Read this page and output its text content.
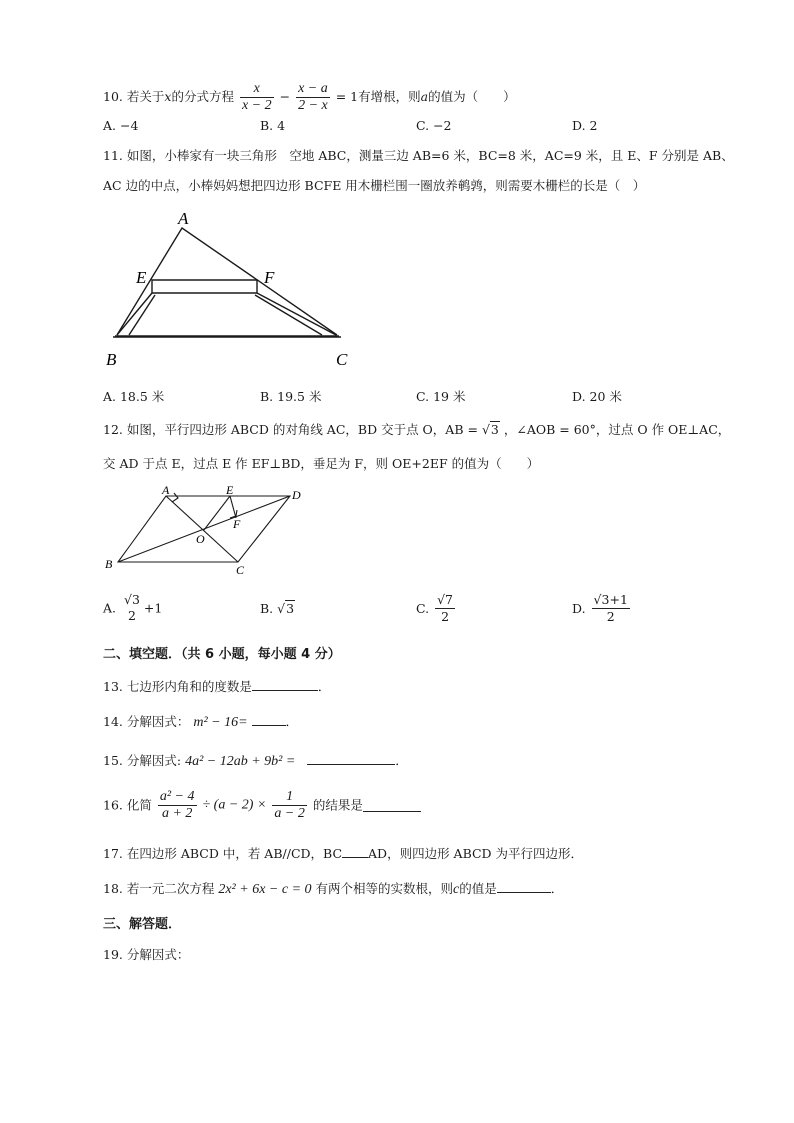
10. 若关于x的分式方程 $\frac{x}{x - 2} - \frac{x - a}{2 - x} = 1$有增根，则a的值为（　　）
A. −4	B. 4	C. −2	D. 2
11. 如图，小棒家有一块三角形　空地 ABC，测量三边 AB=6 米，BC=8 米，AC=9 米，且 E、F 分别是 AB、
AC 边的中点，小棒妈妈想把四边形 BCFE 用木栅栏围一圈放养鹌鹑，则需要木栅栏的长是（　）
A
E	F
B	C
A. 18.5 米	B. 19.5 米	C. 19 米	D. 20 米
12. 如图，平行四边形 ABCD 的对角线 AC，BD 交于点 O，AB = √3 ，∠AOB = 60°，过点 O 作 OE⊥AC，
交 AD 于点 E，过点 E 作 EF⊥BD，垂足为 F，则 OE+2EF 的值为（　　）
A	E	D
F
O
B	C
A.
√3
2 +1	B. √3	C. $\frac{√7}{2}$	D. $\frac{√3+1}{2}$
二、填空题．（共 6 小题，每小题 4 分）
13. 七边形内角和的度数是	．
14. 分解因式： m² − 16=	．
15. 分解因式: 4a² − 12ab + 9b² =	．
16. 化简 $\frac{\text{a² − 4}}{a + 2} \div (a - 2) \times \frac{1}{a - 2}$ 的结果是
17. 在四边形 ABCD 中，若 AB//CD，BC AD，则四边形 ABCD 为平行四边形．
18. 若一元二次方程 2x² + 6x − c = 0 有两个相等的实数根，则c的值是	．
三、解答题．
19. 分解因式：
